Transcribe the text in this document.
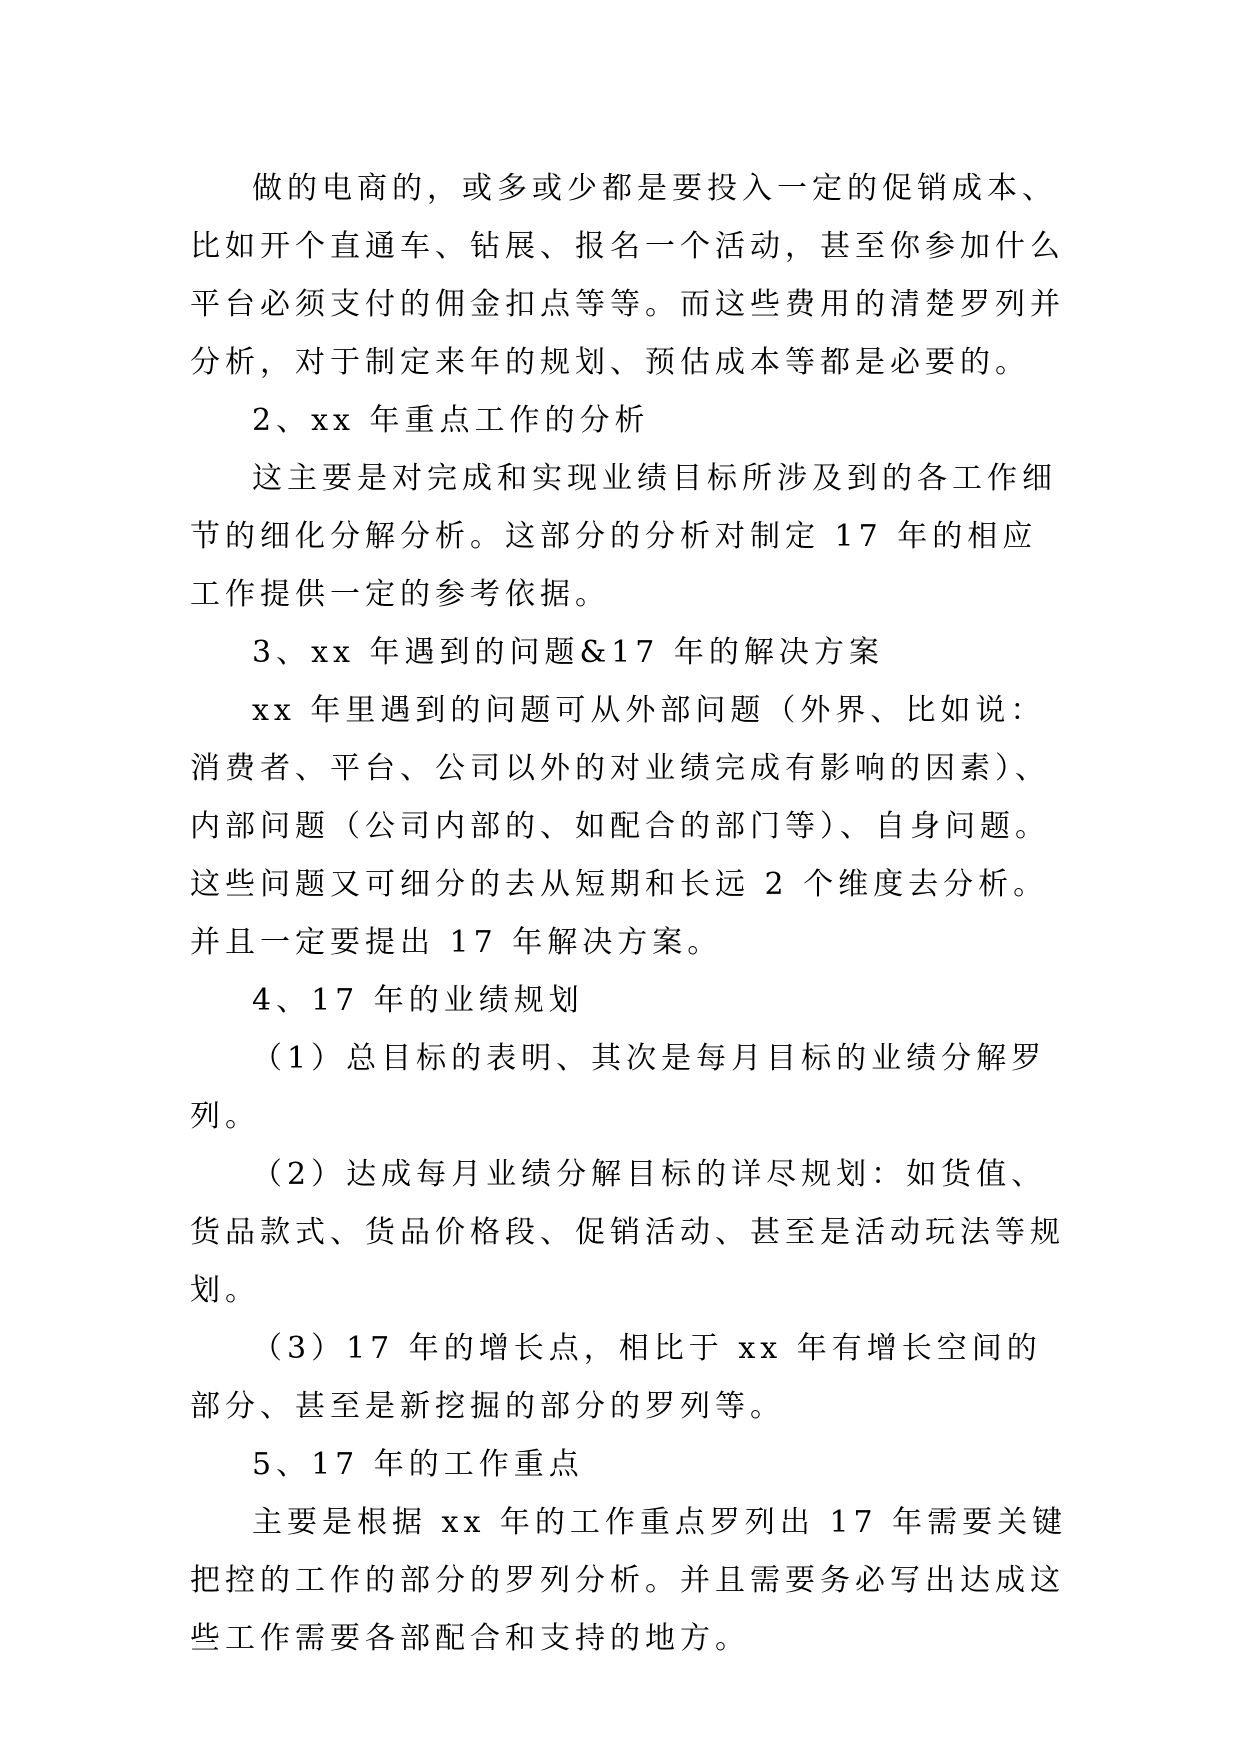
做的电商的，或多或少都是要投入一定的促销成本、比如开个直通车、钻展、报名一个活动，甚至你参加什么平台必须支付的佣金扣点等等。而这些费用的清楚罗列并分析，对于制定来年的规划、预估成本等都是必要的。

2、xx 年重点工作的分析

这主要是对完成和实现业绩目标所涉及到的各工作细节的细化分解分析。这部分的分析对制定 17 年的相应工作提供一定的参考依据。

3、xx 年遇到的问题&17 年的解决方案

xx 年里遇到的问题可从外部问题（外界、比如说：消费者、平台、公司以外的对业绩完成有影响的因素）、内部问题（公司内部的、如配合的部门等）、自身问题。这些问题又可细分的去从短期和长远 2 个维度去分析。并且一定要提出 17 年解决方案。

4、17 年的业绩规划

（1）总目标的表明、其次是每月目标的业绩分解罗列。

（2）达成每月业绩分解目标的详尽规划：如货值、货品款式、货品价格段、促销活动、甚至是活动玩法等规划。

（3）17 年的增长点，相比于 xx 年有增长空间的部分、甚至是新挖掘的部分的罗列等。

5、17 年的工作重点

主要是根据 xx 年的工作重点罗列出 17 年需要关键把控的工作的部分的罗列分析。并且需要务必写出达成这些工作需要各部配合和支持的地方。
